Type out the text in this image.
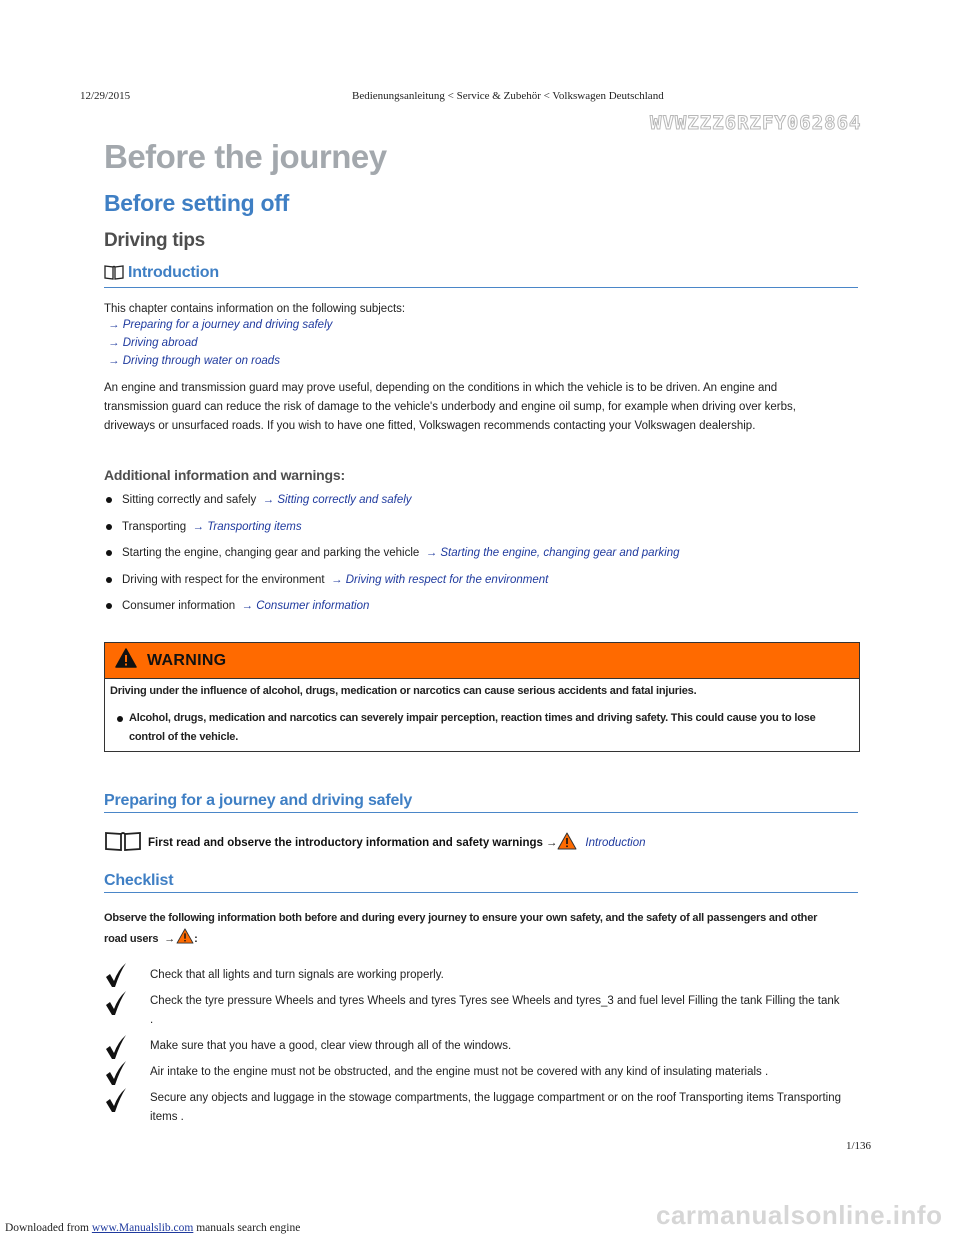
12/29/2015	Bedienungsanleitung < Service & Zubehör < Volkswagen Deutschland
WVWZZZ6RZFY062864
Before the journey
Before setting off
Driving tips
Introduction
This chapter contains information on the following subjects:
→ Preparing for a journey and driving safely
→ Driving abroad
→ Driving through water on roads
An engine and transmission guard may prove useful, depending on the conditions in which the vehicle is to be driven. An engine and
transmission guard can reduce the risk of damage to the vehicle's underbody and engine oil sump, for example when driving over kerbs,
driveways or unsurfaced roads. If you wish to have one fitted, Volkswagen recommends contacting your Volkswagen dealership.
Additional information and warnings:
Sitting correctly and safely → Sitting correctly and safely
Transporting → Transporting items
Starting the engine, changing gear and parking the vehicle → Starting the engine, changing gear and parking
Driving with respect for the environment → Driving with respect for the environment
Consumer information → Consumer information
WARNING
Driving under the influence of alcohol, drugs, medication or narcotics can cause serious accidents and fatal injuries.
Alcohol, drugs, medication and narcotics can severely impair perception, reaction times and driving safety. This could cause you to lose
control of the vehicle.
Preparing for a journey and driving safely
First read and observe the introductory information and safety warnings → Introduction
Checklist
Observe the following information both before and during every journey to ensure your own safety, and the safety of all passengers and other
road users → :
Check that all lights and turn signals are working properly.
Check the tyre pressure Wheels and tyres Wheels and tyres Tyres see Wheels and tyres_3 and fuel level Filling the tank Filling the tank
.
Make sure that you have a good, clear view through all of the windows.
Air intake to the engine must not be obstructed, and the engine must not be covered with any kind of insulating materials .
Secure any objects and luggage in the stowage compartments, the luggage compartment or on the roof Transporting items Transporting
items .
1/136
carmanualsonline.info
Downloaded from www.Manualslib.com manuals search engine
